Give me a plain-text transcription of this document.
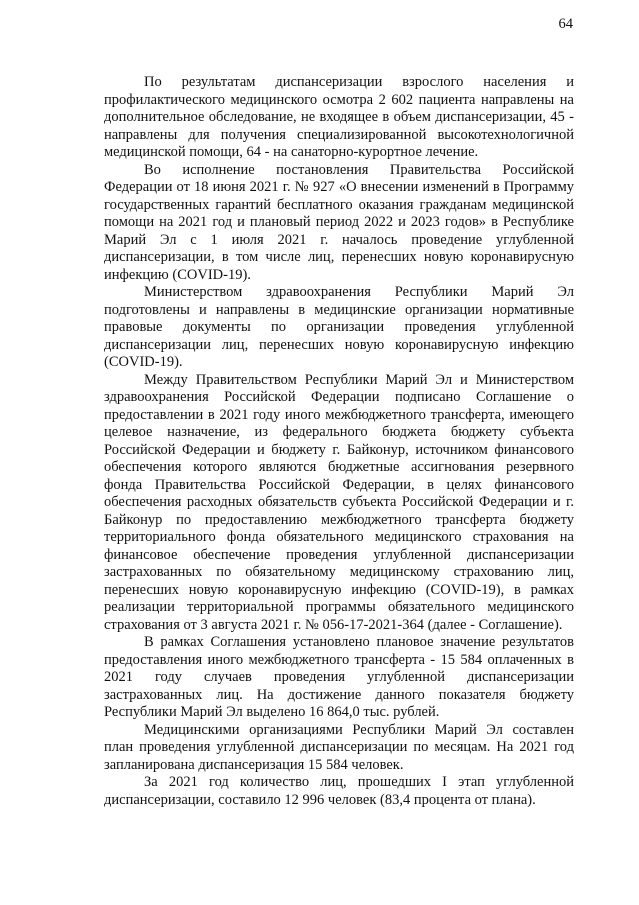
64

По результатам диспансеризации взрослого населения и профилактического медицинского осмотра 2 602 пациента направлены на дополнительное обследование, не входящее в объем диспансеризации, 45 - направлены для получения специализированной высокотехнологичной медицинской помощи, 64 - на санаторно-курортное лечение.

Во исполнение постановления Правительства Российской Федерации от 18 июня 2021 г. № 927 «О внесении изменений в Программу государственных гарантий бесплатного оказания гражданам медицинской помощи на 2021 год и плановый период 2022 и 2023 годов» в Республике Марий Эл с 1 июля 2021 г. началось проведение углубленной диспансеризации, в том числе лиц, перенесших новую коронавирусную инфекцию (COVID-19).

Министерством здравоохранения Республики Марий Эл подготовлены и направлены в медицинские организации нормативные правовые документы по организации проведения углубленной диспансеризации лиц, перенесших новую коронавирусную инфекцию (COVID-19).

Между Правительством Республики Марий Эл и Министерством здравоохранения Российской Федерации подписано Соглашение о предоставлении в 2021 году иного межбюджетного трансферта, имеющего целевое назначение, из федерального бюджета бюджету субъекта Российской Федерации и бюджету г. Байконур, источником финансового обеспечения которого являются бюджетные ассигнования резервного фонда Правительства Российской Федерации, в целях финансового обеспечения расходных обязательств субъекта Российской Федерации и г. Байконур по предоставлению межбюджетного трансферта бюджету территориального фонда обязательного медицинского страхования на финансовое обеспечение проведения углубленной диспансеризации застрахованных по обязательному медицинскому страхованию лиц, перенесших новую коронавирусную инфекцию (COVID-19), в рамках реализации территориальной программы обязательного медицинского страхования от 3 августа 2021 г. № 056-17-2021-364 (далее - Соглашение).

В рамках Соглашения установлено плановое значение результатов предоставления иного межбюджетного трансферта - 15 584 оплаченных в 2021 году случаев проведения углубленной диспансеризации застрахованных лиц. На достижение данного показателя бюджету Республики Марий Эл выделено 16 864,0 тыс. рублей.

Медицинскими организациями Республики Марий Эл составлен план проведения углубленной диспансеризации по месяцам. На 2021 год запланирована диспансеризация 15 584 человек.

За 2021 год количество лиц, прошедших I этап углубленной диспансеризации, составило 12 996 человек (83,4 процента от плана).
